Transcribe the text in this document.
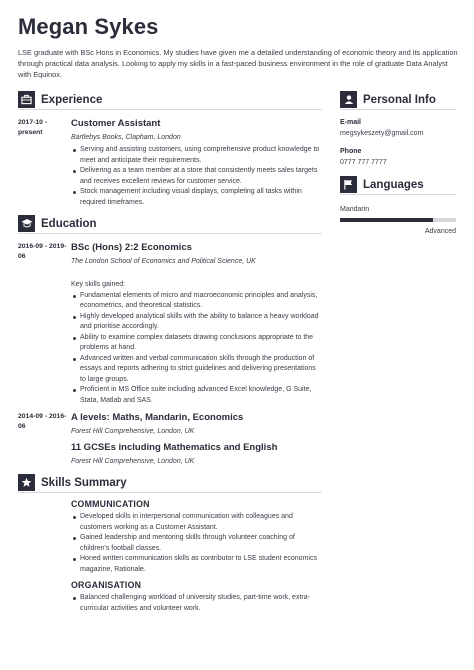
Megan Sykes
LSE graduate with BSc Hons in Economics. My studies have given me a detailed understanding of economic theory and its application through practical data analysis. Looking to apply my skills in a fast-paced business environment in the role of graduate Data Analyst with Equinox.
Experience
2017-10 - present
Customer Assistant
Bartlebys Books, Clapham, London
Serving and assisting customers, using comprehensive product knowledge to meet and anticipate their requirements.
Delivering as a team member at a store that consistently meets sales targets and receives excellent reviews for customer service.
Stock management including visual displays, completing all tasks within required timeframes.
Education
2016-09 - 2019-06
BSc (Hons) 2:2 Economics
The London School of Economics and Political Science, UK
Key skills gained:
Fundamental elements of micro and macroeconomic principles and analysis, econometrics, and theoretical statistics.
Highly developed analytical skills with the ability to balance a heavy workload and prioritise accordingly.
Ability to examine complex datasets drawing conclusions appropriate to the problems at hand.
Advanced written and verbal communication skills through the production of essays and reports adhering to strict guidelines and delivering presentations to large groups.
Proficient in MS Office suite including advanced Excel knowledge, G Suite, Stata, Matlab and SAS.
2014-09 - 2016-06
A levels: Maths, Mandarin, Economics
Forest Hill Comprehensive, London, UK
11 GCSEs including Mathematics and English
Forest Hill Comprehensive, London, UK
Skills Summary
COMMUNICATION
Developed skills in interpersonal communication with colleagues and customers working as a Customer Assistant.
Gained leadership and mentoring skills through volunteer coaching of children's football classes.
Honed written communication skills as contributor to LSE student economics magazine, Rationale.
ORGANISATION
Balanced challenging workload of university studies, part-time work, extra-curricular activities and volunteer work.
Personal Info
E-mail
megsykeszety@gmail.com
Phone
0777 777 7777
Languages
Mandarin
Advanced
